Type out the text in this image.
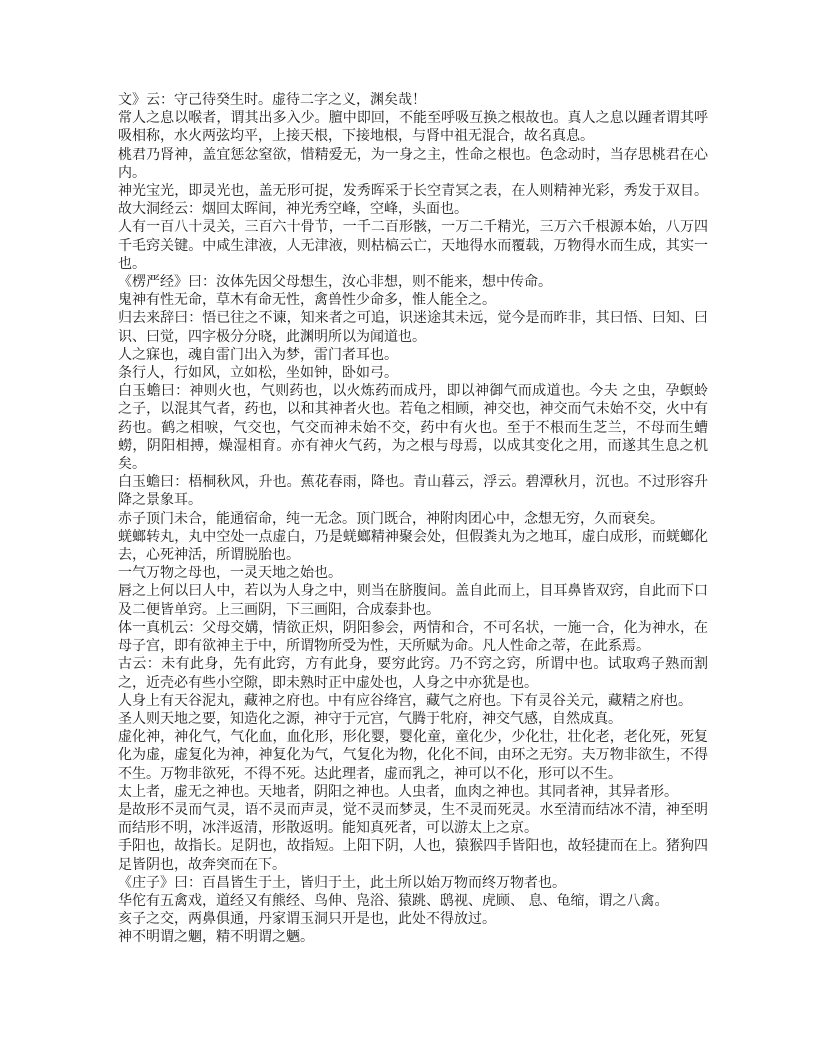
文》云：守己待癸生时。虚待二字之义，渊矣哉！

常人之息以喉者，谓其出多入少。膻中即回，不能至呼吸互换之根故也。真人之息以踵者谓其呼吸相称，水火两弦均平，上接天根，下接地根，与肾中祖无混合，故名真息。

桃君乃肾神，盖宜惩忿窒欲，惜精爱无，为一身之主，性命之根也。色念动时，当存思桃君在心内。

神光宝光，即灵光也，盖无形可捉，发秀晖采于长空青冥之表，在人则精神光彩，秀发于双目。故大洞经云：烟回太晖间，神光秀空峰，空峰，头面也。

人有一百八十灵关，三百六十骨节，一千二百形骸，一万二千精光，三万六千根源本始，八万四千毛窍关键。中咸生津液，人无津液，则枯槁云亡，天地得水而覆载，万物得水而生成，其实一也。

《楞严经》曰：汝体先因父母想生，汝心非想，则不能来，想中传命。

鬼神有性无命，草木有命无性，禽兽性少命多，惟人能全之。

归去来辞曰：悟已往之不谏，知来者之可追，识迷途其未远，觉今是而昨非，其曰悟、曰知、曰识、曰觉，四字极分分晓，此渊明所以为闻道也。

人之寐也，魂自雷门出入为梦，雷门者耳也。

条行人，行如风，立如松，坐如钟，卧如弓。

白玉蟾曰：神则火也，气则药也，以火炼药而成丹，即以神御气而成道也。今夫 之虫，孕螟蛉之子，以混其气者，药也，以和其神者火也。若龟之相顾，神交也，神交而气未始不交，火中有药也。鹤之相唳，气交也，气交而神未始不交，药中有火也。至于不根而生芝兰，不母而生螬蟧，阴阳相搏，燥湿相育。亦有神火气药，为之根与母焉，以成其变化之用，而遂其生息之机矣。

白玉蟾曰：梧桐秋风，升也。蕉花春雨，降也。青山暮云，浮云。碧潭秋月，沉也。不过形容升降之景象耳。

赤子顶门未合，能通宿命，纯一无念。顶门既合，神附肉团心中，念想无穷，久而衰矣。

蜣螂转丸，丸中空处一点虚白，乃是蜣螂精神聚会处，但假粪丸为之地耳，虚白成形，而蜣螂化去，心死神活，所谓脱胎也。

一气万物之母也，一灵天地之始也。

唇之上何以曰人中，若以为人身之中，则当在脐腹间。盖自此而上，目耳鼻皆双窍，自此而下口及二便皆单窍。上三画阴，下三画阳，合成泰卦也。

体一真机云：父母交媾，情欲正炽，阴阳参会，两情和合，不可名状，一施一合，化为神水，在母子宫，即有欲神主于中，所谓物所受为性，天所赋为命。凡人性命之蒂，在此系焉。

古云：未有此身，先有此窍，方有此身，要穷此窍。乃不窍之窍，所谓中也。试取鸡子熟而割之，近壳必有些小空隙，即未熟时正中虚处也，人身之中亦犹是也。

人身上有天谷泥丸，藏神之府也。中有应谷绛宫，藏气之府也。下有灵谷关元，藏精之府也。

圣人则天地之要，知造化之源，神守于元宫，气腾于牝府，神交气感，自然成真。

虚化神，神化气，气化血，血化形，形化婴，婴化童，童化少，少化壮，壮化老，老化死，死复化为虚，虚复化为神，神复化为气，气复化为物，化化不间，由环之无穷。夫万物非欲生，不得不生。万物非欲死，不得不死。达此理者，虚而乳之，神可以不化，形可以不生。

太上者，虚无之神也。天地者，阴阳之神也。人虫者，血肉之神也。其同者神，其异者形。

是故形不灵而气灵，语不灵而声灵，觉不灵而梦灵，生不灵而死灵。水至清而结冰不清，神至明而结形不明，冰泮返清，形散返明。能知真死者，可以游太上之京。

手阳也，故指长。足阴也，故指短。上阳下阴，人也，猿猴四手皆阳也，故轻捷而在上。猪狗四足皆阴也，故奔突而在下。

《庄子》曰：百昌皆生于土，皆归于土，此土所以始万物而终万物者也。

华佗有五禽戏，道经又有熊经、鸟伸、凫浴、猿跳、鸱视、虎顾、 息、龟缩，谓之八禽。

亥子之交，两鼻俱通，丹家谓玉洞只开是也，此处不得放过。

神不明谓之魍，精不明谓之魉。
